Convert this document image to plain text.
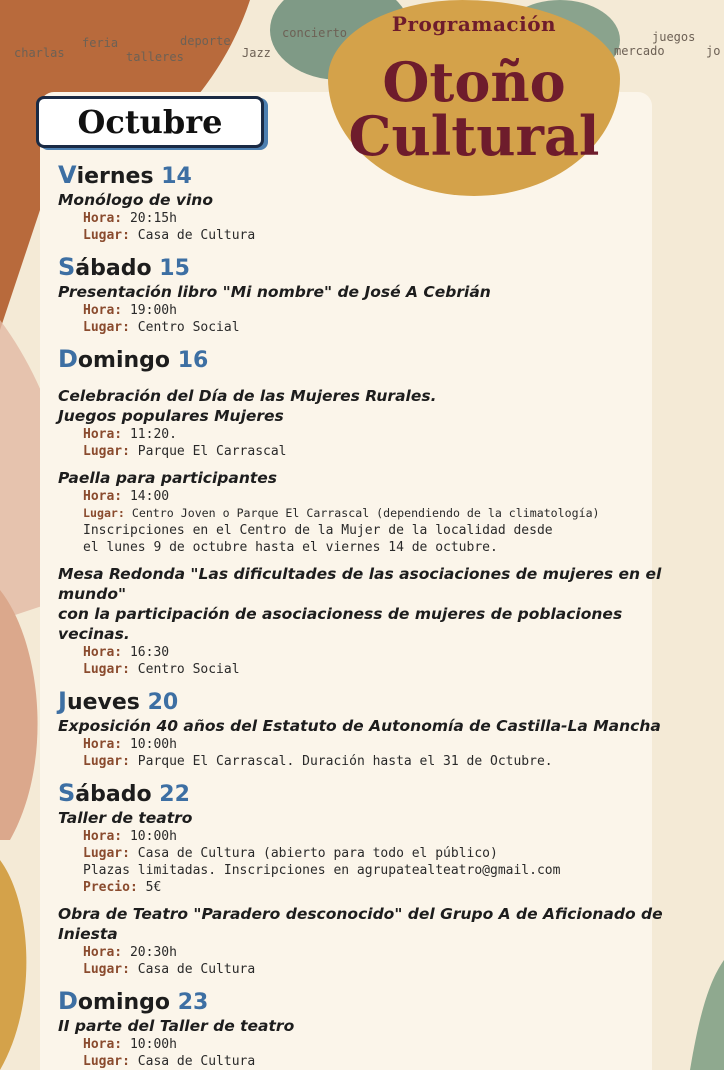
charlas
feria
talleres
deporte
Jazz
concierto	juegos
mercado	jo
Programación
Otoño
Cultural
Octubre
Viernes 14
Monólogo de vino
Hora: 20:15h
Lugar: Casa de Cultura
Sábado 15
Presentación libro "Mi nombre" de José A Cebrián
Hora: 19:00h
Lugar: Centro Social
Domingo 16
Celebración del Día de las Mujeres Rurales.
Juegos populares Mujeres
Hora: 11:20.
Lugar: Parque El Carrascal
Paella para participantes
Hora: 14:00
Lugar: Centro Joven o Parque El Carrascal (dependiendo de la climatología)
Inscripciones en el Centro de la Mujer de la localidad desde
el lunes 9 de octubre hasta el viernes 14 de octubre.
Mesa Redonda "Las dificultades de las asociaciones de mujeres en el mundo"
con la participación de asociacioness de mujeres de poblaciones vecinas.
Hora: 16:30
Lugar: Centro Social
Jueves 20
Exposición 40 años del Estatuto de Autonomía de Castilla-La Mancha
Hora: 10:00h
Lugar: Parque El Carrascal. Duración hasta el 31 de Octubre.
Sábado 22
Taller de teatro
Hora: 10:00h
Lugar: Casa de Cultura (abierto para todo el público)
Plazas limitadas. Inscripciones en agrupatealteatro@gmail.com
Precio: 5€
Obra de Teatro "Paradero desconocido" del Grupo A de Aficionado de
Iniesta
Hora: 20:30h
Lugar: Casa de Cultura
Domingo 23
II parte del Taller de teatro
Hora: 10:00h
Lugar: Casa de Cultura
